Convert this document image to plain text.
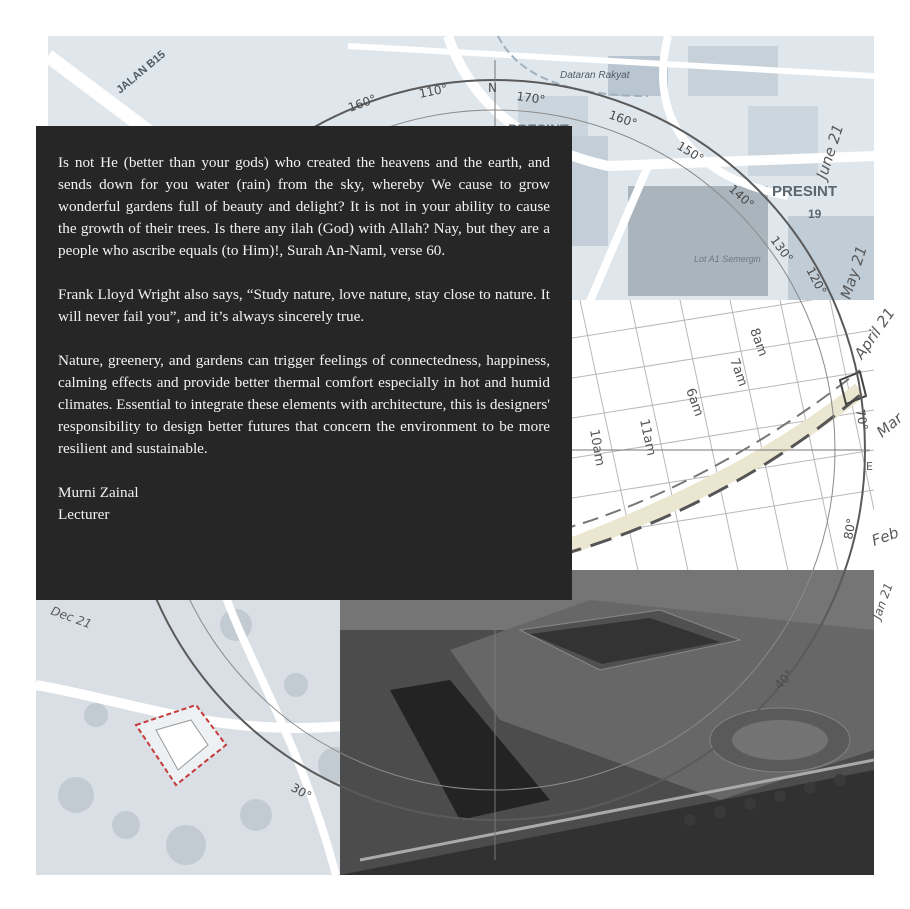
JALAN B15	Dataran Rakyat
PRESINT
19
Lot A1 Semergin
8am
7am
6am
10am 11am
E
N
110°	170°
160°
160°
150°
140°
130°
120°
70°
80°
40°
30°
June 21
May 21
April 21
Mar
Feb
Jan 21
Dec 21

Is not He (better than your gods) who created the heavens and the earth, and sends down for you water (rain) from the sky, whereby We cause to grow wonderful gardens full of beauty and delight? It is not in your ability to cause the growth of their trees. Is there any ilah (God) with Allah? Nay, but they are a people who ascribe equals (to Him)!, Surah An-Naml, verse 60.

Frank Lloyd Wright also says, “Study nature, love nature, stay close to nature. It will never fail you”, and it’s always sincerely true.

Nature, greenery, and gardens can trigger feelings of connectedness, happiness, calming effects and provide better thermal comfort especially in hot and humid climates. Essential to integrate these elements with architecture, this is designers' responsibility to design better futures that concern the environment to be more resilient and sustainable.

Murni Zainal

Lecturer
